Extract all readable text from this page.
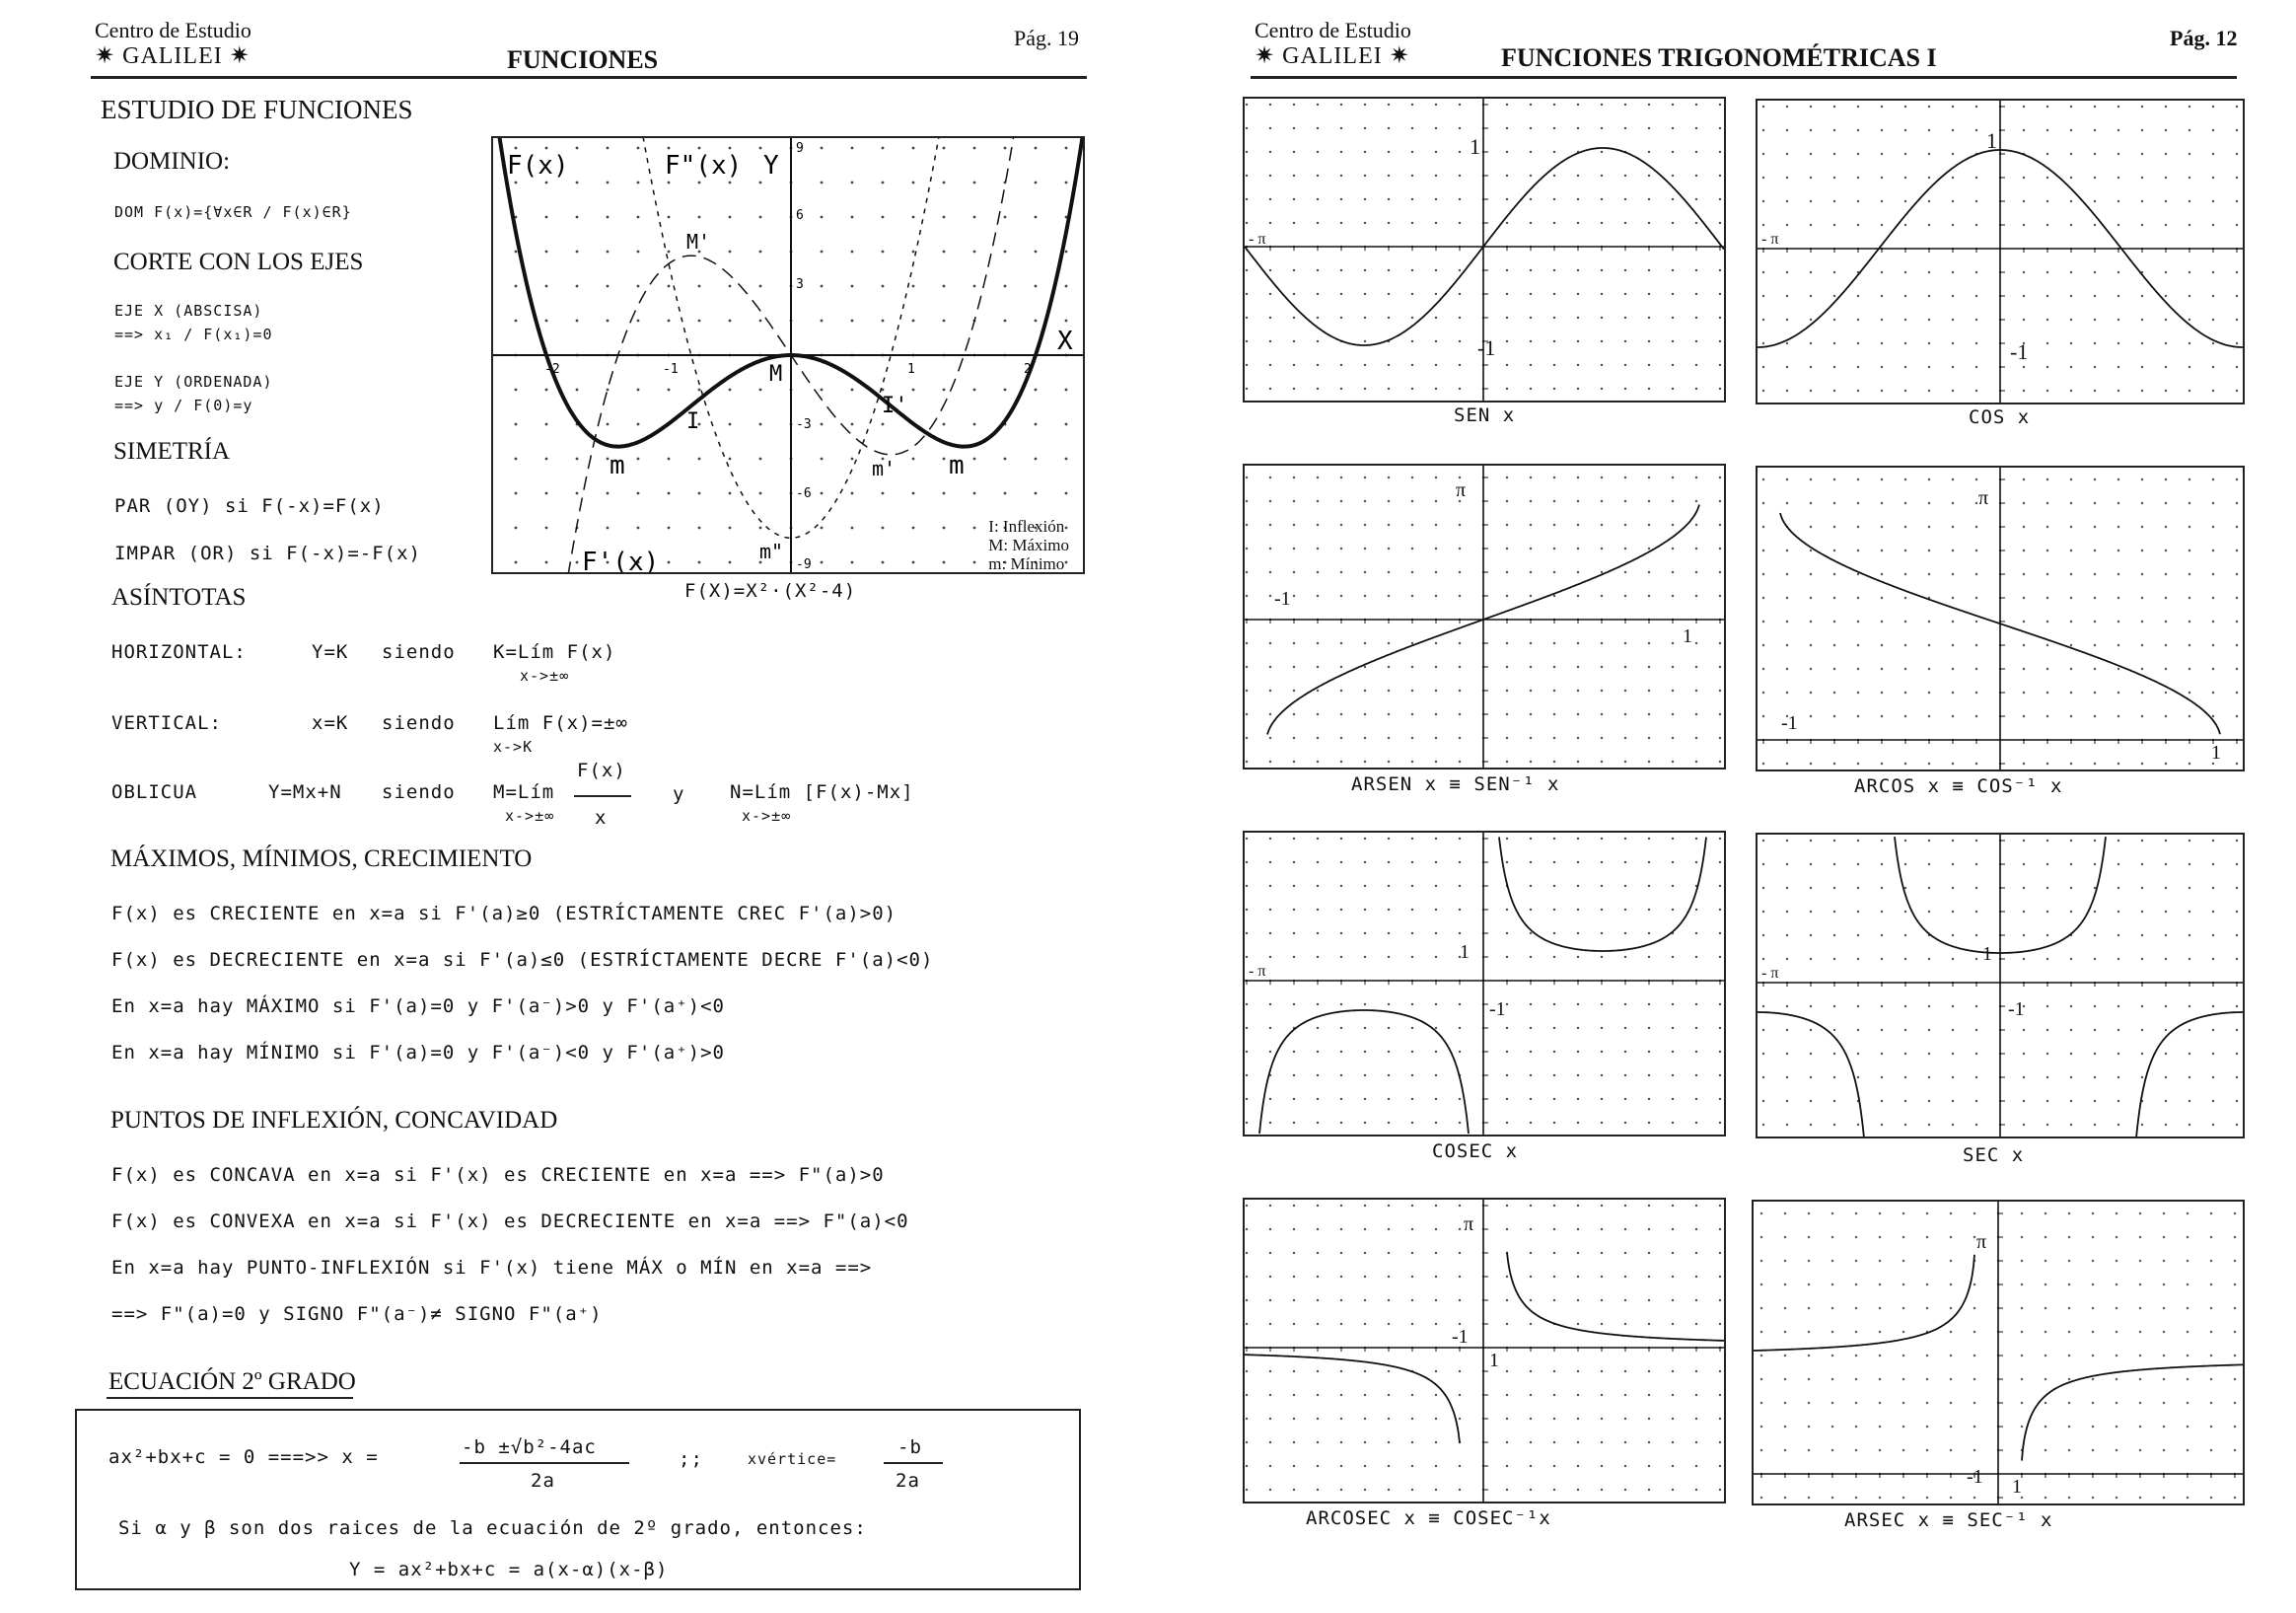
Centro de Estudio
✷ GALILEI ✷	FUNCIONES
Pág. 19
ESTUDIO DE FUNCIONES
DOMINIO:
DOM F(x)={∀x∈R / F(x)∈R}
CORTE CON LOS EJES
EJE X (ABSCISA)
==> x₁ / F(x₁)=0
EJE Y (ORDENADA)
==> y / F(0)=y
SIMETRÍA
PAR (OY) si F(-x)=F(x)
IMPAR (OR) si F(-x)=-F(x)
ASÍNTOTAS
HORIZONTAL:	Y=K siendo K=Lím F(x)
x->±∞
VERTICAL:	x=K siendo Lím F(x)=±∞
x->K
F(x)
OBLICUA	Y=Mx+N siendo M=Lím	y N=Lím [F(x)-Mx]
x->±∞ x	x->±∞
MÁXIMOS, MÍNIMOS, CRECIMIENTO
F(x) es CRECIENTE en x=a si F'(a)≥0 (ESTRÍCTAMENTE CREC F'(a)>0)
F(x) es DECRECIENTE en x=a si F'(a)≤0 (ESTRÍCTAMENTE DECRE F'(a)<0)
En x=a hay MÁXIMO si F'(a)=0 y F'(a⁻)>0 y F'(a⁺)<0
En x=a hay MÍNIMO si F'(a)=0 y F'(a⁻)<0 y F'(a⁺)>0
PUNTOS DE INFLEXIÓN, CONCAVIDAD
F(x) es CONCAVA en x=a si F'(x) es CRECIENTE en x=a ==> F"(a)>0
F(x) es CONVEXA en x=a si F'(x) es DECRECIENTE en x=a ==> F"(a)<0
En x=a hay PUNTO-INFLEXIÓN si F'(x) tiene MÁX o MÍN en x=a ==>
==> F"(a)=0 y SIGNO F"(a⁻)≠ SIGNO F"(a⁺)
ECUACIÓN 2º GRADO
ax²+bx+c = 0 ===>> x =	-b ±√b²-4ac
2a
;;	xvértice=
-b
2a
Si α y β son dos raices de la ecuación de 2º grado, entonces:
Y = ax²+bx+c = a(x-α)(x-β)
F(x)	F"(x) Y
X
F'(x)
M'
I
I'
M
m	m' m
m"
9
6
3
-3
-6
-9
-2	-1	1	2
I: Inflexión
M: Máximo
m: Mínimo
F(X)=X²·(X²-4)
Centro de Estudio
✷ GALILEI ✷	FUNCIONES TRIGONOMÉTRICAS I
Pág. 12
1
- π
-1
SEN x
1
- π
-1
COS x
-1
1
π
ARSEN x ≡ SEN⁻¹ x
-1
1
π
ARCOS x ≡ COS⁻¹ x
- π
1
-1
COSEC x
- π
1
-1
SEC x
-1
1
π
ARCOSEC x ≡ COSEC⁻¹x
-1 1
π
ARSEC x ≡ SEC⁻¹ x
